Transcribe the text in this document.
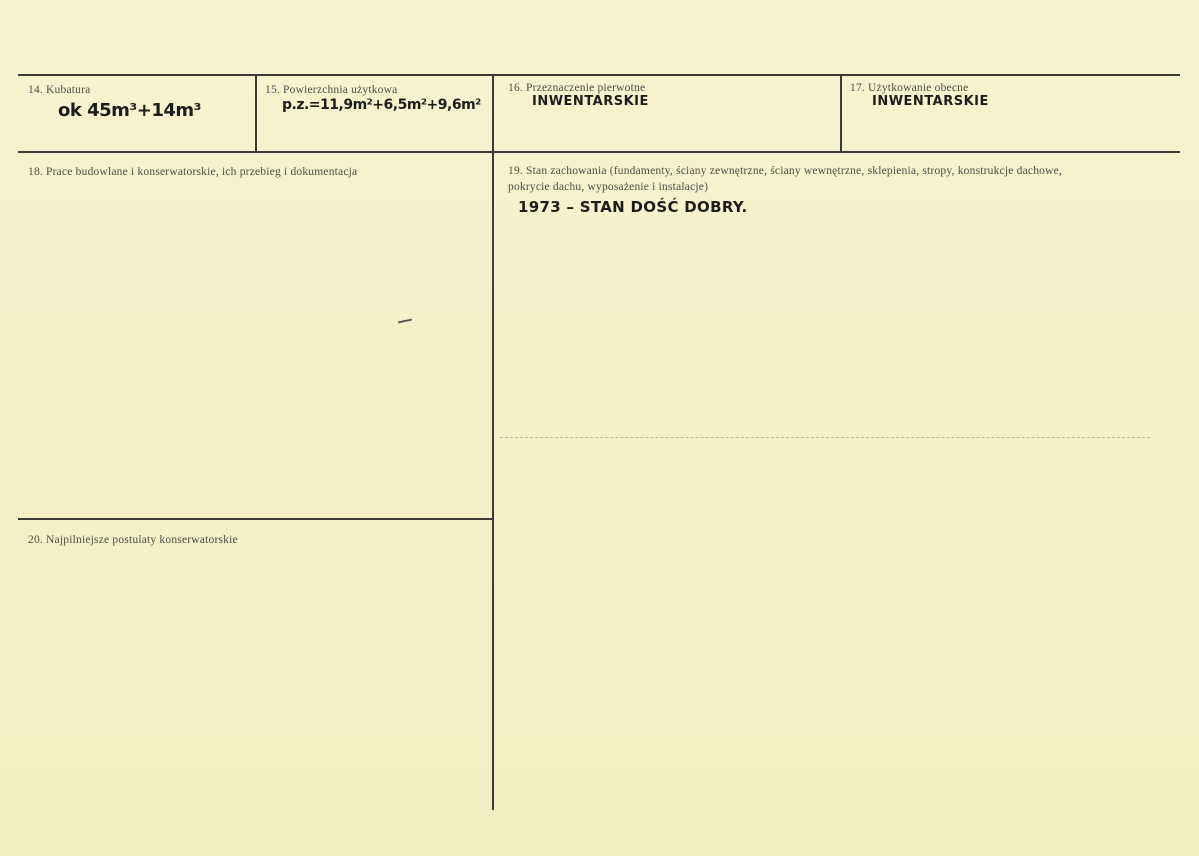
14. Kubatura
ok 45m³+14m³
15. Powierzchnia użytkowa
p.z.=11,9m²+6,5m²+9,6m²
16. Przeznaczenie pierwotne
INWENTARSKIE
17. Użytkowanie obecne
INWENTARSKIE
18. Prace budowlane i konserwatorskie, ich przebieg i dokumentacja	19. Stan zachowania (fundamenty, ściany zewnętrzne, ściany wewnętrzne, sklepienia, stropy, konstrukcje dachowe, pokrycie dachu, wyposażenie i instalacje)
1973 – STAN DOŚĆ DOBRY.
20. Najpilniejsze postulaty konserwatorskie
